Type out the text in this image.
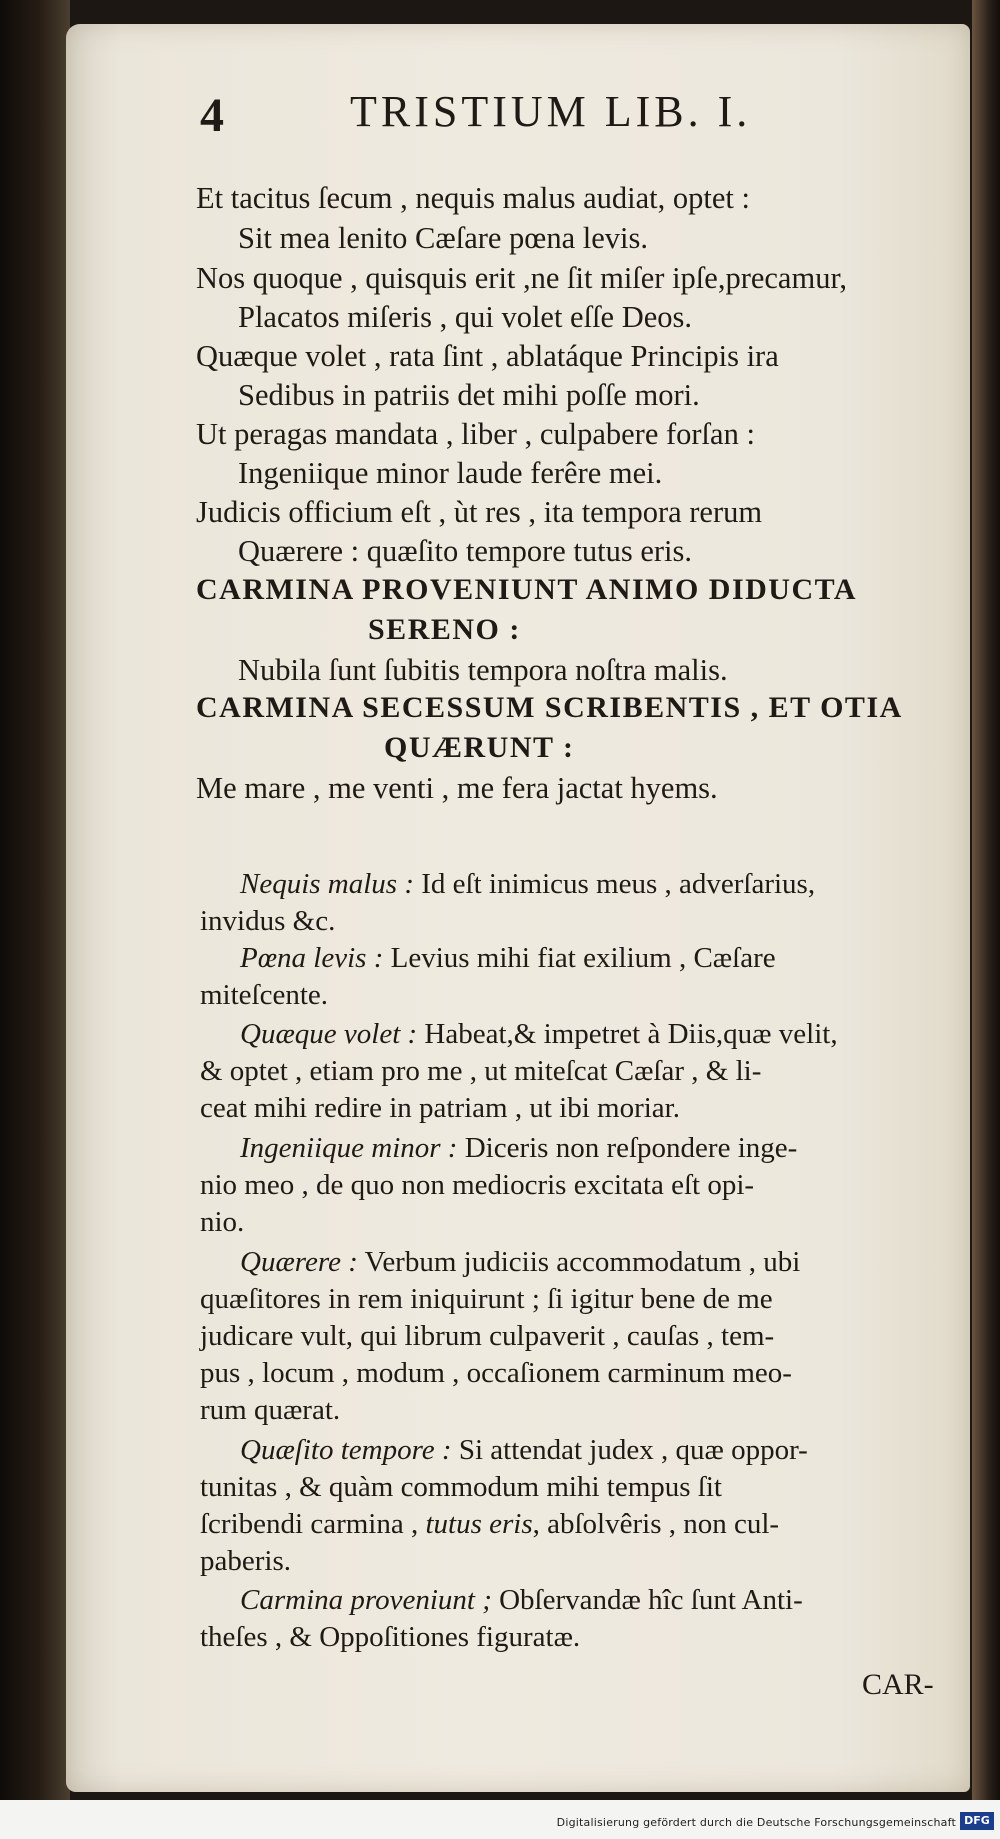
4	TRISTIUM LIB. I.
Et tacitus ſecum , nequis malus audiat, optet :
Sit mea lenito Cæſare pœna levis.
Nos quoque , quisquis erit ,ne ſit miſer ipſe,precamur,
Placatos miſeris , qui volet eſſe Deos.
Quæque volet , rata ſint , ablatáque Principis ira
Sedibus in patriis det mihi poſſe mori.
Ut peragas mandata , liber , culpabere forſan :
Ingeniique minor laude ferêre mei.
Judicis officium eſt , ùt res , ita tempora rerum
Quærere : quæſito tempore tutus eris.
CARMINA PROVENIUNT ANIMO DIDUCTA
SERENO :
Nubila ſunt ſubitis tempora noſtra malis.
CARMINA SECESSUM SCRIBENTIS , ET OTIA
QUÆRUNT :
Me mare , me venti , me fera jactat hyems.
Nequis malus : Id eſt inimicus meus , adverſarius,
invidus &c.
Pœna levis : Levius mihi fiat exilium , Cæſare
miteſcente.
Quæque volet : Habeat,& impetret à Diis,quæ velit,
& optet , etiam pro me , ut miteſcat Cæſar , & li-
ceat mihi redire in patriam , ut ibi moriar.
Ingeniique minor : Diceris non reſpondere inge-
nio meo , de quo non mediocris excitata eſt opi-
nio.
Quærere : Verbum judiciis accommodatum , ubi
quæſitores in rem iniquirunt ; ſi igitur bene de me
judicare vult, qui librum culpaverit , cauſas , tem-
pus , locum , modum , occaſionem carminum meo-
rum quærat.
Quæſito tempore : Si attendat judex , quæ oppor-
tunitas , & quàm commodum mihi tempus ſit
ſcribendi carmina , tutus eris, abſolvêris , non cul-
paberis.
Carmina proveniunt ; Obſervandæ hîc ſunt Anti-
theſes , & Oppoſitiones figuratæ.
CAR-
Digitalisierung gefördert durch die Deutsche Forschungsgemeinschaft DFG
